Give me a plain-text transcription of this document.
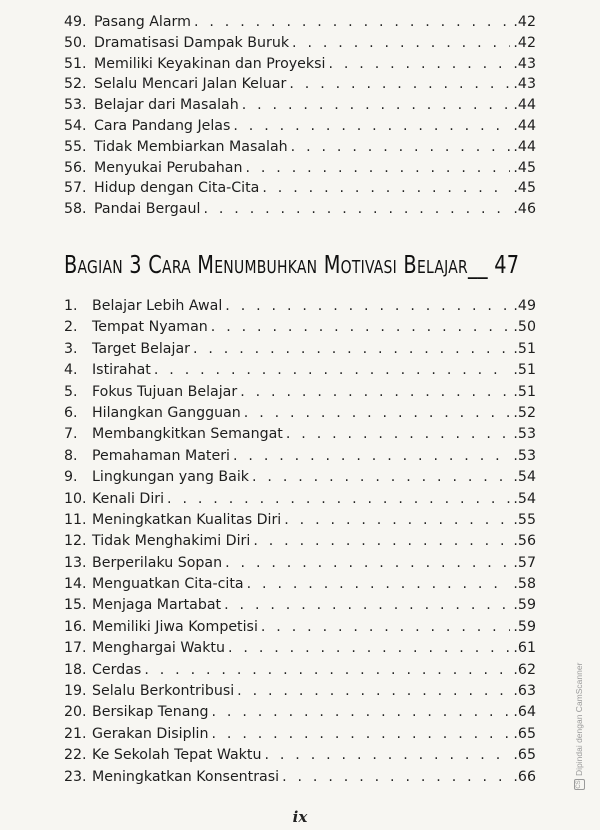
49. Pasang Alarm . . .	.42
50. Dramatisasi Dampak Buruk . . .	.42
51. Memiliki Keyakinan dan Proyeksi . . .	.43
52. Selalu Mencari Jalan Keluar . . .	.43
53. Belajar dari Masalah . . .	.44
54. Cara Pandang Jelas . . .	.44
55. Tidak Membiarkan Masalah . . .	.44
56. Menyukai Perubahan . . .	.45
57. Hidup dengan Cita-Cita . . .	.45
58. Pandai Bergaul . . .	.46
Bagian 3 Cara Menumbuhkan Motivasi Belajar__ 47
1.	Belajar Lebih Awal . . .	.49
2.	Tempat Nyaman . . .	.50
3.	Target Belajar . . .	.51
4.	Istirahat . . .	.51
5.	Fokus Tujuan Belajar . . .	.51
6.	Hilangkan Gangguan . . .	.52
7.	Membangkitkan Semangat . . .	.53
8.	Pemahaman Materi . . .	.53
9.	Lingkungan yang Baik . . .	.54
10. Kenali Diri . . .	.54
11. Meningkatkan Kualitas Diri . . .	.55
12. Tidak Menghakimi Diri . . .	.56
13. Berperilaku Sopan . . .	.57
14. Menguatkan Cita-cita . . .	.58
15. Menjaga Martabat . . .	.59
16. Memiliki Jiwa Kompetisi . . .	.59
17. Menghargai Waktu . . .	.61
18. Cerdas . . .	.62
19. Selalu Berkontribusi . . .	.63
20. Bersikap Tenang . . .	.64
21. Gerakan Disiplin . . .	.65
22. Ke Sekolah Tepat Waktu . . .	.65
23. Meningkatkan Konsentrasi . . .	.66
ix
CSDipindai dengan CamScanner
